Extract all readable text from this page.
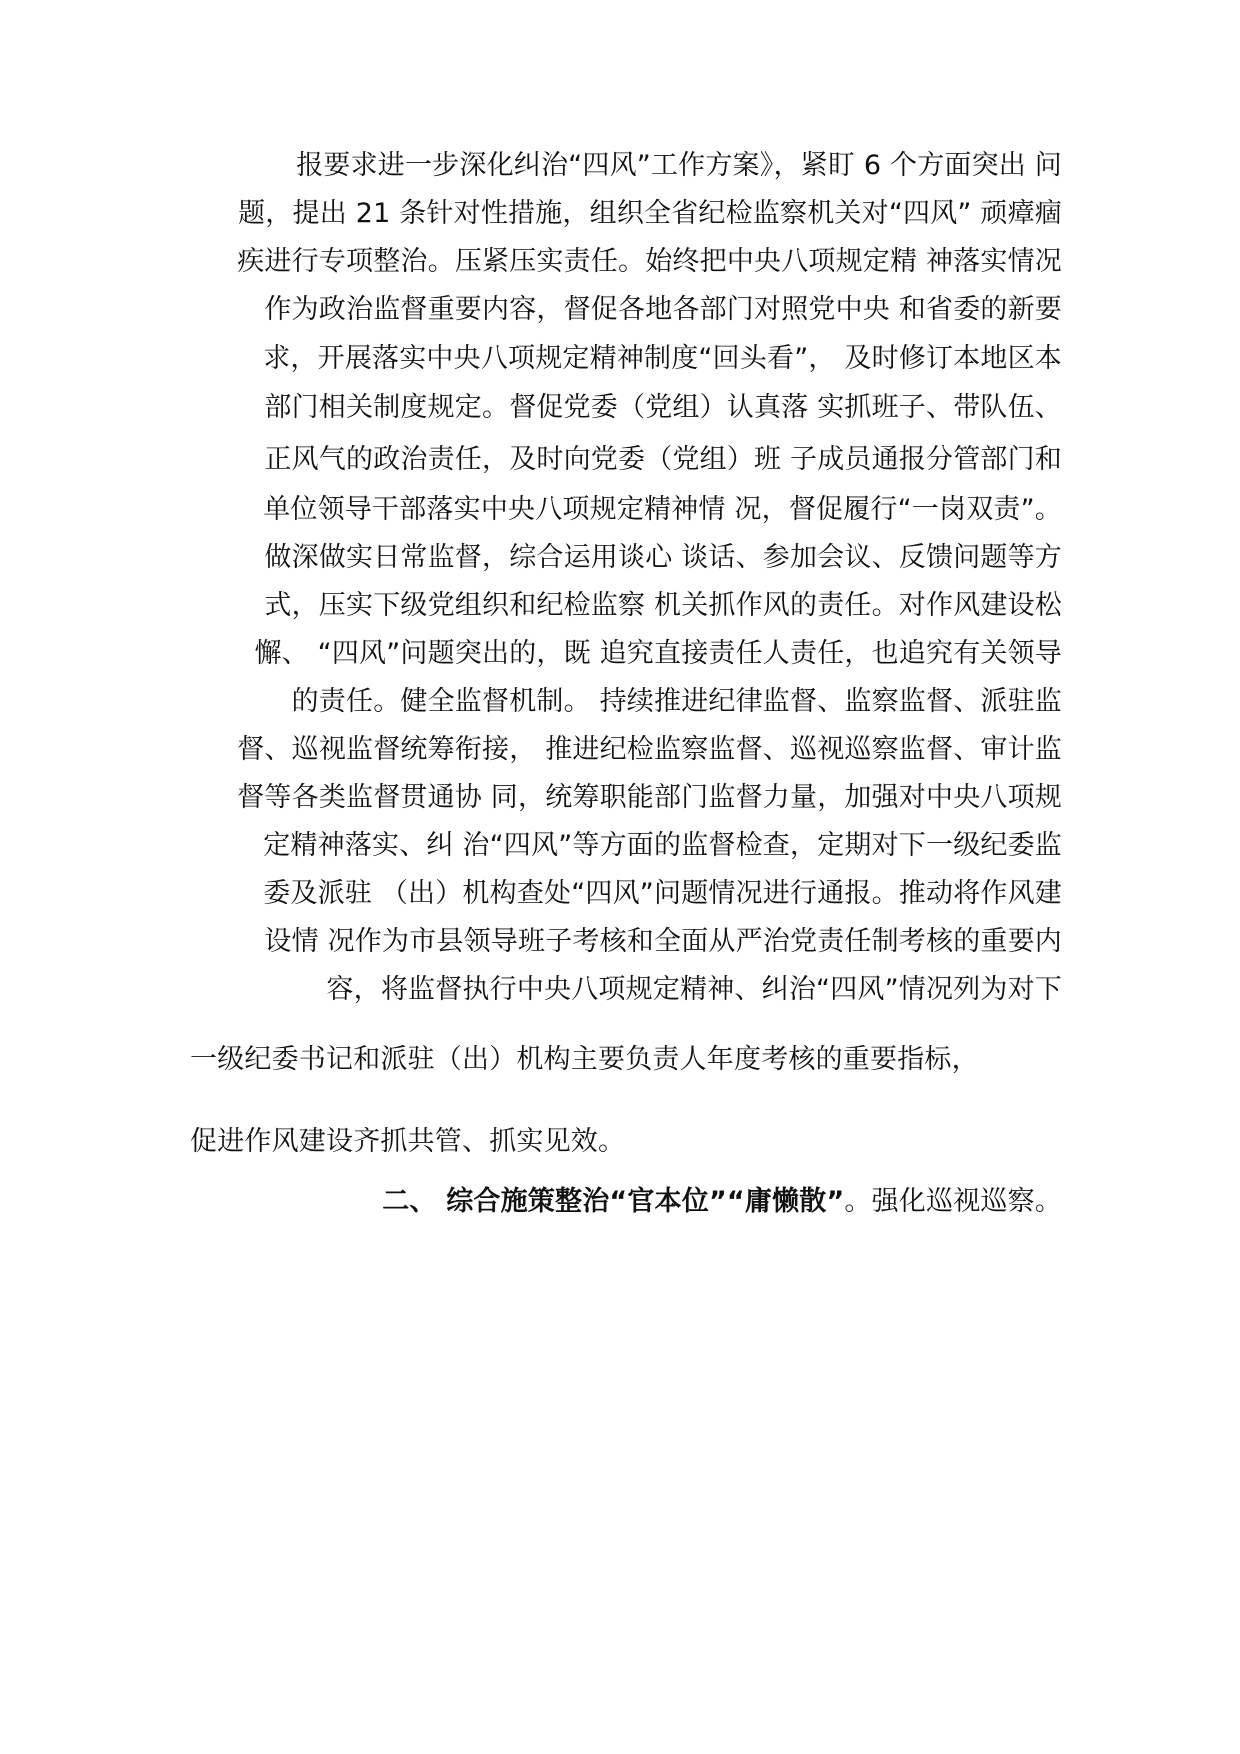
报要求进一步深化纠治“四风”工作方案》，紧盯 6 个方面突出 问
题，提出 21 条针对性措施，组织全省纪检监察机关对“四风” 顽瘴痼
疾进行专项整治。压紧压实责任。始终把中央八项规定精 神落实情况
作为政治监督重要内容，督促各地各部门对照党中央 和省委的新要
求，开展落实中央八项规定精神制度“回头看”， 及时修订本地区本
部门相关制度规定。督促党委（党组）认真落 实抓班子、带队伍、
正风气的政治责任，及时向党委（党组）班 子成员通报分管部门和
单位领导干部落实中央八项规定精神情 况，督促履行“一岗双责”。
做深做实日常监督，综合运用谈心 谈话、参加会议、反馈问题等方
式，压实下级党组织和纪检监察 机关抓作风的责任。对作风建设松
懈、 “四风”问题突出的，既 追究直接责任人责任，也追究有关领导
的责任。健全监督机制。 持续推进纪律监督、监察监督、派驻监
督、巡视监督统筹衔接， 推进纪检监察监督、巡视巡察监督、审计监
督等各类监督贯通协 同，统筹职能部门监督力量，加强对中央八项规
定精神落实、纠 治“四风”等方面的监督检查，定期对下一级纪委监
委及派驻 （出）机构查处“四风”问题情况进行通报。推动将作风建
设情 况作为市县领导班子考核和全面从严治党责任制考核的重要内
容，将监督执行中央八项规定精神、纠治“四风”情况列为对下
一级纪委书记和派驻（出）机构主要负责人年度考核的重要指标，
促进作风建设齐抓共管、抓实见效。
二、 综合施策整治“官本位”“庸懒散”。强化巡视巡察。
